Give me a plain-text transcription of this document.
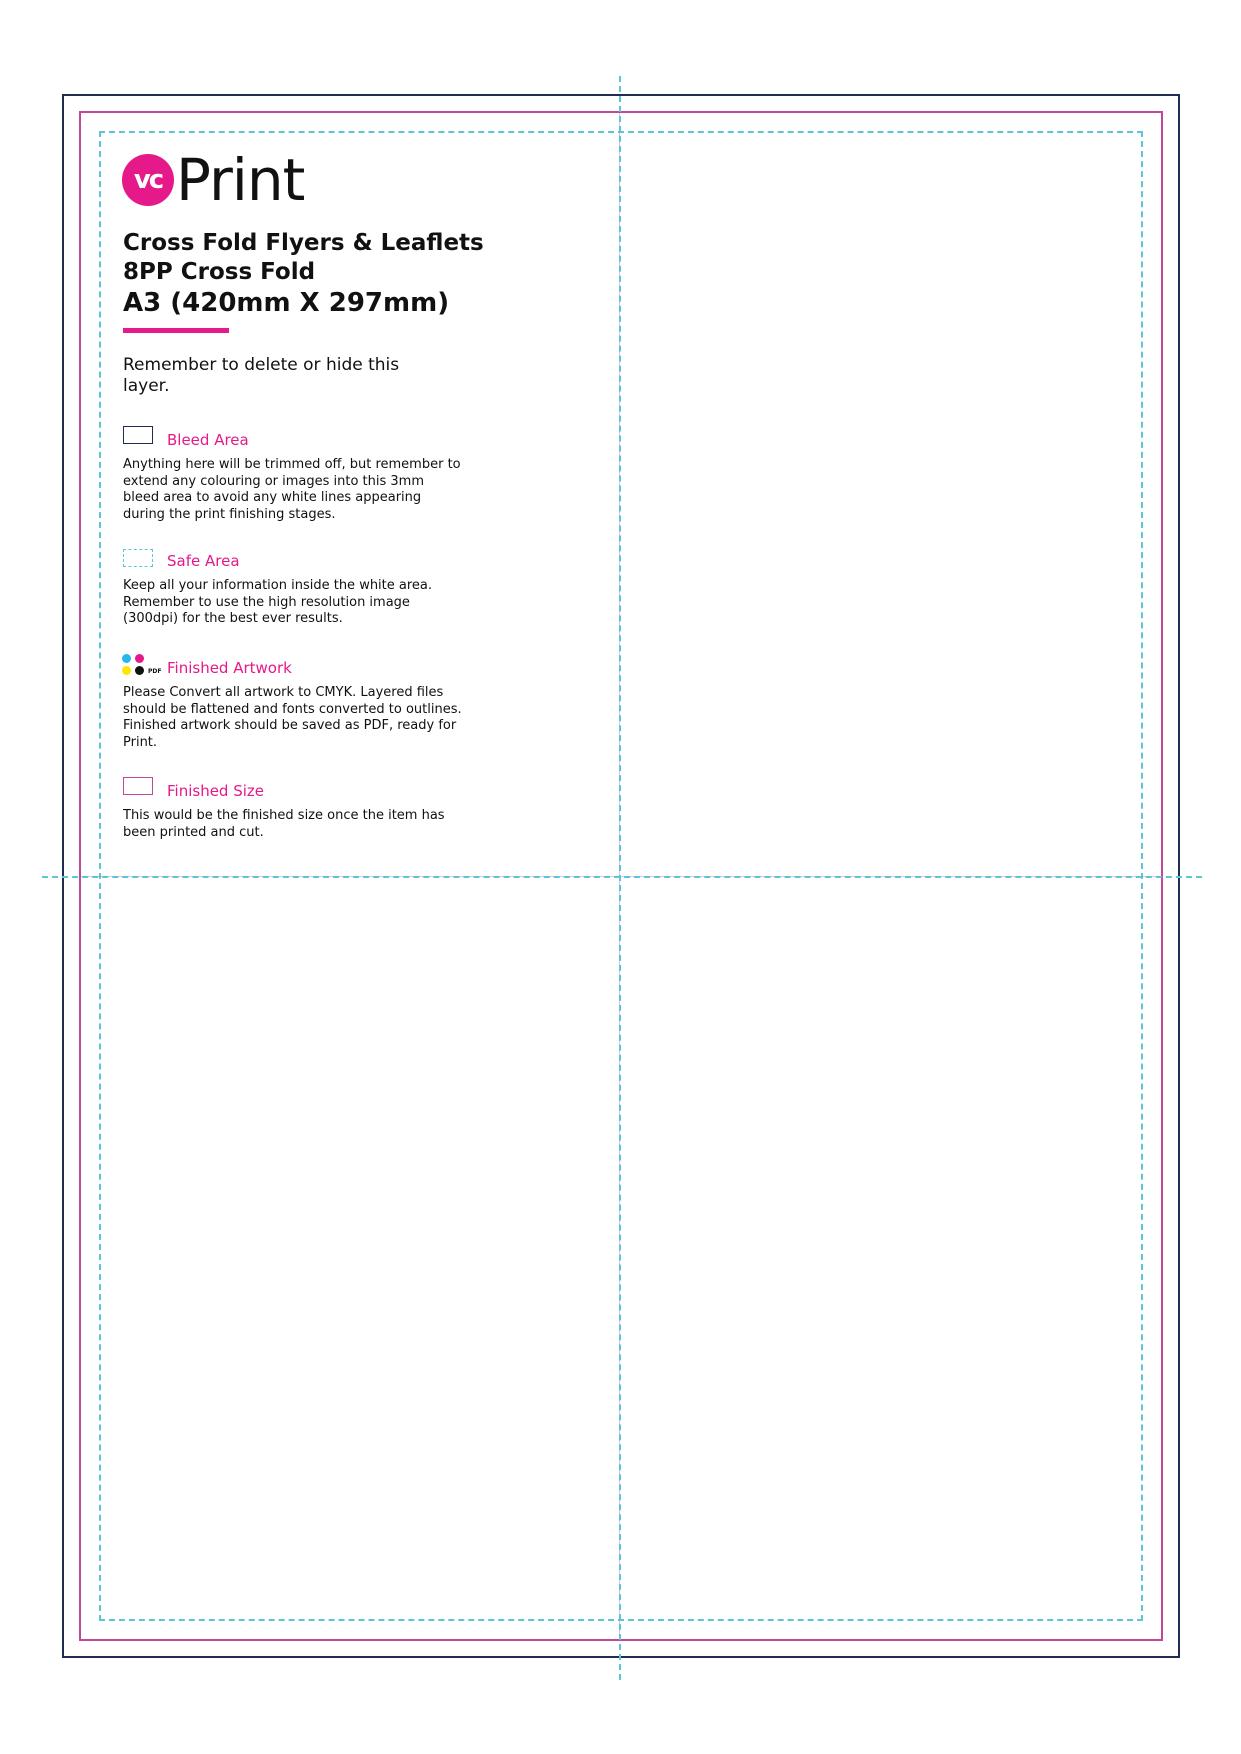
vc Print
Cross Fold Flyers & Leaflets
8PP Cross Fold
A3 (420mm X 297mm)
Remember to delete or hide this layer.
Bleed Area
Anything here will be trimmed off, but remember to extend any colouring or images into this 3mm bleed area to avoid any white lines appearing during the print finishing stages.
Safe Area
Keep all your information inside the white area. Remember to use the high resolution image (300dpi) for the best ever results.
PDF Finished Artwork
Please Convert all artwork to CMYK. Layered files should be flattened and fonts converted to outlines. Finished artwork should be saved as PDF, ready for Print.
Finished Size
This would be the finished size once the item has been printed and cut.
